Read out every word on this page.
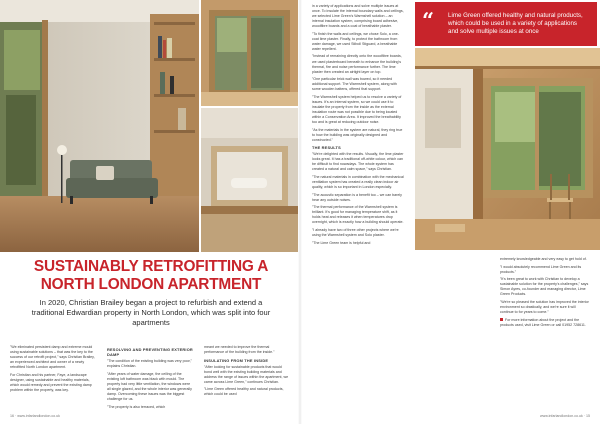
SUSTAINABLY RETROFITTING A
NORTH LONDON APARTMENT
In 2020, Christian Brailey began a project to refurbish and extend a traditional Edwardian property in North London, which was split into four apartments

"We eliminated persistent damp and extreme mould using sustainable solutions – that was the key to the success of our retrofit project," says Christian Brailey, an experienced architect and owner of a newly retrofitted North London apartment.

For Christian and his partner, Faye, a landscape designer, using sustainable and healthy materials, which would remedy and prevent the existing damp problem within the property, was key.

RESOLVING AND PREVENTING EXTERIOR DAMP

"The condition of the existing building was very poor," explains Christian.

"After years of water damage, the ceiling of the existing loft bathroom was black with mould. The property had very little ventilation, the windows were all single glazed, and the whole interior was generally damp. Overcoming these issues was the biggest challenge for us.

"The property is also terraced, which

meant we needed to improve the thermal performance of the building from the inside."

INSULATING FROM THE INSIDE

"After looking for sustainable products that would bond well with the existing building materials and address the range of issues within the apartment, we came across Lime Green," continues Christian.

"Lime Green offered healthy and natural products, which could be used

16 · www.infarlandlondon.co.uk

in a variety of applications and solve multiple issues at once. To insulate the internal boundary walls and ceilings, we selected Lime Green's Warmshell solution – an internal insulation system, comprising board adhesive, woodfibre boards and a coat of breathable plaster.

"To finish the walls and ceilings, we chose Solo, a one-coat lime plaster. Finally, to protect the bathroom from water damage, we used Stiboll Stiguard, a breathable water repellent.

"Instead of remaining directly onto the woodfibre boards, we used plasterboard beneath to enhance the building's thermal, fire and noise performance further. The lime plaster then created an airtight layer on top.

"One particular brick wall was bowed, so it needed additional support. The Warmshell system, along with some wooden battens, offered that support.

"The Warmshell system helped us to resolve a variety of issues. It's an internal system, so we could use it to insulate the property from the inside as the external insulation route was not possible due to being located within a Conservation Area. It improved the breathability too and is great at reducing outdoor noise.

"As the materials in the system are natural, they ring true to how the building was originally designed and constructed."

THE RESULTS

"We're delighted with the results. Visually, the lime plaster looks great. It has a traditional off-white colour, which can be difficult to find nowadays. The whole system has created a natural and calm space," says Christian.

"The natural materials in combination with the mechanical ventilation system has created a really clean indoor air quality, which is so important in London especially.

"The acoustic separation is a benefit too – we can barely hear any outside noises.

"The thermal performance of the Warmshell system is brilliant. It's good for managing temperature shift, as it holds heat and releases it when temperatures drop overnight, which is exactly how a building should operate.

"I already have two of three other projects where we're using the Warmshell system and Solo plaster.

"The Lime Green team is helpful and

“ Lime Green offered healthy and natural products, which could be used in a variety of applications and solve multiple issues at once

extremely knowledgeable and very easy to get hold of.

"I would absolutely recommend Lime Green and its products."

"It's been great to work with Christian to develop a sustainable solution for the property's challenges," says Simon Ayres, co-founder and managing director, Lime Green Products.

"We're so pleased the solution has improved the interior environment so drastically, and we're sure it will continue to for years to come."

For more information about the project and the products used, visit Lime Green or call 01952 728611.

www.infarlandlondon.co.uk · 15
